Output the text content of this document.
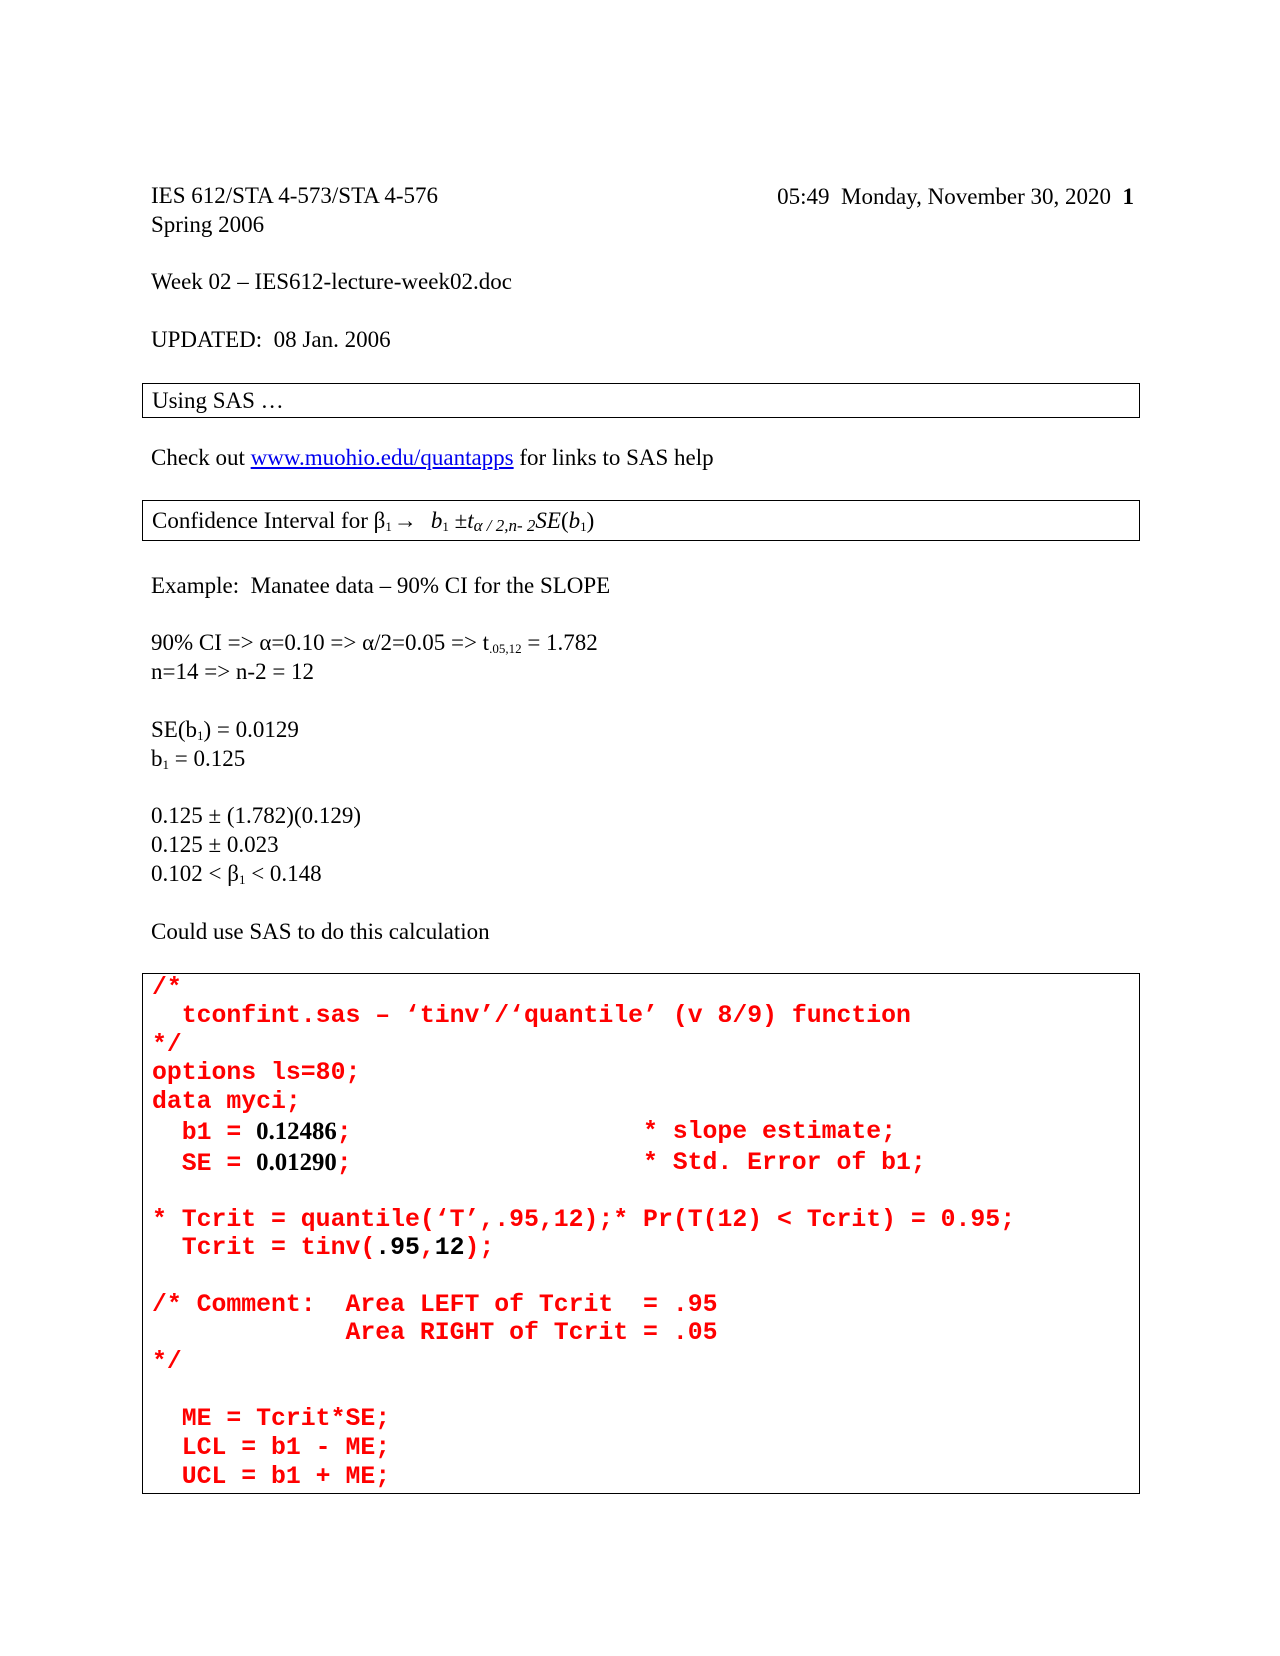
05:49 Monday, November 30, 2020 1

IES 612/STA 4-573/STA 4-576
Spring 2006
Week 02 – IES612-lecture-week02.doc
UPDATED:  08 Jan. 2006
Using SAS …
Check out www.muohio.edu/quantapps for links to SAS help
Confidence Interval for $\beta_1\to b_1 \pm t_{\alpha / 2,n- 2}SE(b_1)$
Example:  Manatee data – 90% CI for the SLOPE
90% CI => $\alpha=0.10 => \alpha/2=0.05 => t_{.05,12} = 1.782$
n=14 => n-2 = 12
$SE(b_1) = 0.0129$
$b_1 = 0.125$
0.125 ± (1.782)(0.129)
0.125 ± 0.023
$0.102 < \beta_1 < 0.148$
Could use SAS to do this calculation
/*
tconfint.sas – ‘tinv’/‘quantile’ (v 8/9) function
*/
options ls=80;
data myci;
b1 = 0.12486;	* slope estimate;
SE = 0.01290;	* Std. Error of b1;
* Tcrit = quantile(‘T’,.95,12);* Pr(T(12) < Tcrit) = 0.95;
Tcrit = tinv(.95,12);
/* Comment:  Area LEFT of Tcrit  = .95
Area RIGHT of Tcrit = .05
*/
ME = Tcrit*SE;
LCL = b1 - ME;
UCL = b1 + ME;
